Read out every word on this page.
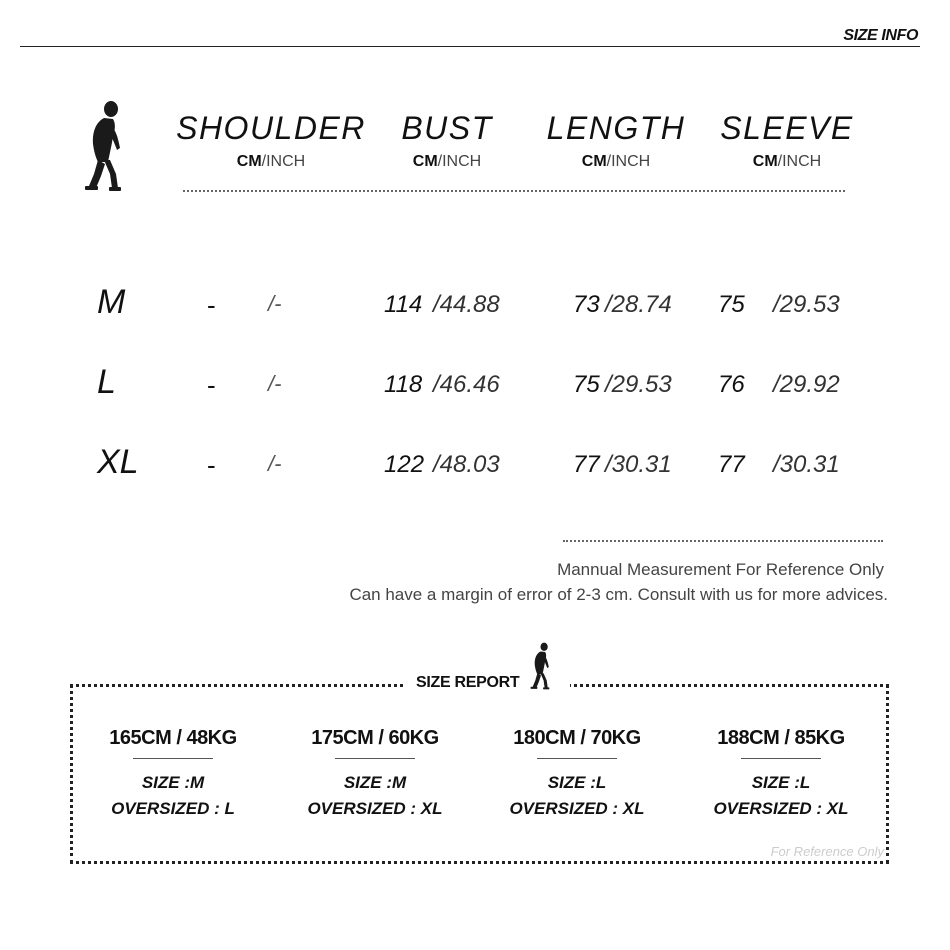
SIZE INFO
SHOULDER
CM/INCH
BUST
CM/INCH
LENGTH
CM/INCH
SLEEVE
CM/INCH
M	- /-	114 /44.88	73 /28.74 75 /29.53
L	- /-	118 /46.46	75 /29.53 76 /29.92
XL	- /-	122 /48.03	77 /30.31 77 /30.31
Mannual Measurement For Reference Only
Can have a margin of error of 2-3 cm. Consult with us for more advices.
SIZE REPORT
165CM / 48KG
SIZE :M
OVERSIZED : L
175CM / 60KG
SIZE :M
OVERSIZED : XL
180CM / 70KG
SIZE :L
OVERSIZED : XL
188CM / 85KG
SIZE :L
OVERSIZED : XL
For Reference Only
